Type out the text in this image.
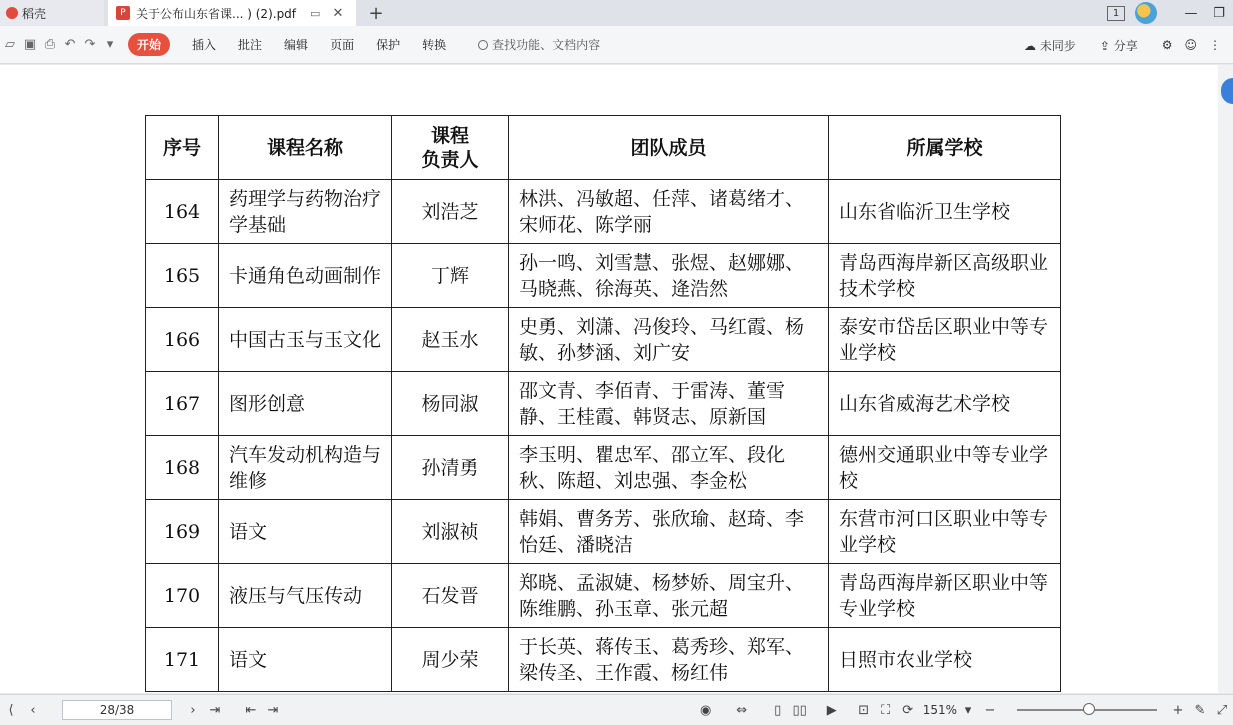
稻壳	P 关于公布山东省课... ) (2).pdf ▭ ✕ +	1	—	❐
▱ ▣ ⎙ ↶ ↷ ▾	开始	插入 批注 编辑 页面 保护 转换	查找功能、文档内容	☁ 未同步	⇪ 分享	⚙ ☺ ⋮
序号	课程名称	课程
负责人	团队成员	所属学校
164	药理学与药物治疗学基础	刘浩芝	林洪、冯敏超、任萍、诸葛绪才、宋师花、陈学丽	山东省临沂卫生学校
165	卡通角色动画制作	丁辉	孙一鸣、刘雪慧、张煜、赵娜娜、马晓燕、徐海英、逄浩然	青岛西海岸新区高级职业技术学校
166	中国古玉与玉文化	赵玉水	史勇、刘潇、冯俊玲、马红霞、杨敏、孙梦涵、刘广安	泰安市岱岳区职业中等专业学校
167	图形创意	杨同淑	邵文青、李佰青、于雷涛、董雪静、王桂霞、韩贤志、原新国	山东省威海艺术学校
168	汽车发动机构造与维修	孙清勇	李玉明、瞿忠军、邵立军、段化秋、陈超、刘忠强、李金松	德州交通职业中等专业学校
169	语文	刘淑祯	韩娟、曹务芳、张欣瑜、赵琦、李怡廷、潘晓洁	东营市河口区职业中等专业学校
170	液压与气压传动	石发晋	郑晓、孟淑婕、杨梦娇、周宝升、陈维鹏、孙玉章、张元超	青岛西海岸新区职业中等专业学校
171	语文	周少荣	于长英、蒋传玉、葛秀珍、郑军、梁传圣、王作霞、杨红伟	日照市农业学校
⟨	‹	28/38	›	⇥	⇤ ⇥	◉	⇔	▯ ▯▯	▶	⊡ ⛶ ⟳ 151% ▾	−	+ ✎ ⤢
